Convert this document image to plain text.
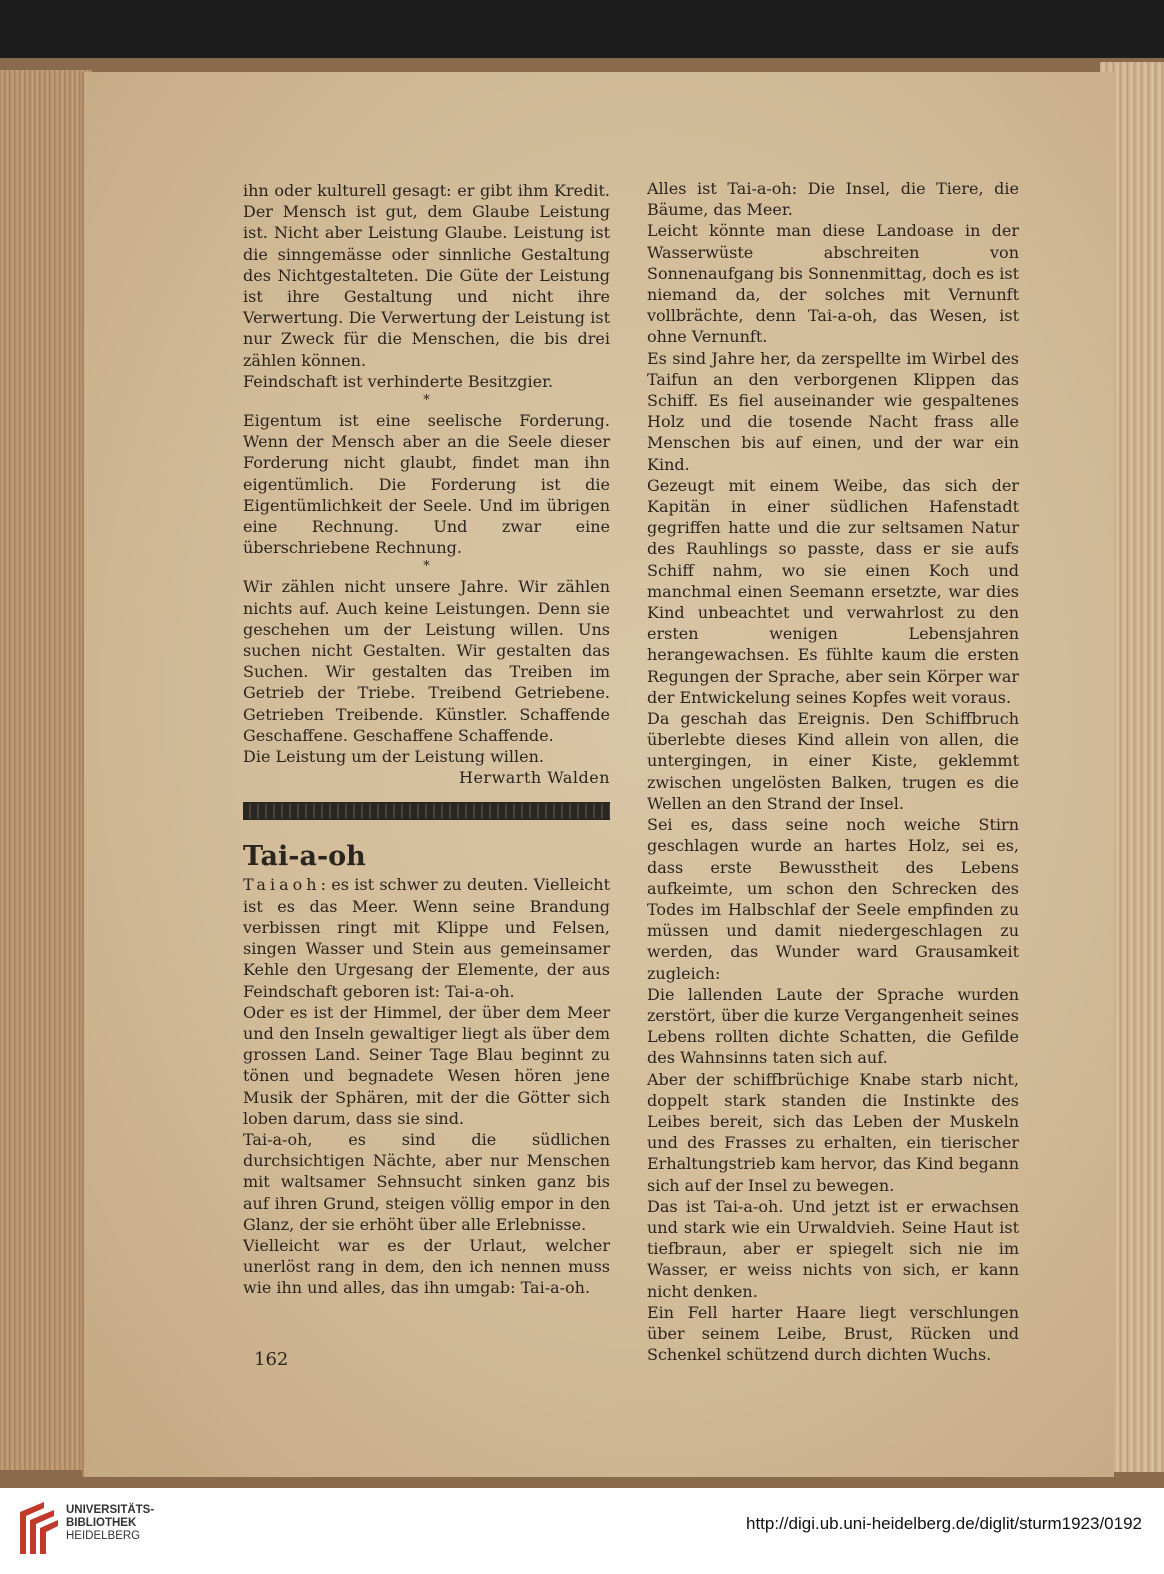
ihn oder kulturell gesagt: er gibt ihm Kredit. Der Mensch ist gut, dem Glaube Leistung ist. Nicht aber Leistung Glaube. Leistung ist die sinngemässe oder sinnliche Gestaltung des Nichtgestalteten. Die Güte der Leistung ist ihre Gestaltung und nicht ihre Verwertung. Die Verwertung der Leistung ist nur Zweck für die Menschen, die bis drei zählen können.

Feindschaft ist verhinderte Besitzgier.

*

Eigentum ist eine seelische Forderung. Wenn der Mensch aber an die Seele dieser Forderung nicht glaubt, findet man ihn eigentümlich. Die Forderung ist die Eigentümlichkeit der Seele. Und im übrigen eine Rechnung. Und zwar eine überschriebene Rechnung.

*

Wir zählen nicht unsere Jahre. Wir zählen nichts auf. Auch keine Leistungen. Denn sie geschehen um der Leistung willen. Uns suchen nicht Gestalten. Wir gestalten das Suchen. Wir gestalten das Treiben im Getrieb der Triebe. Treibend Getriebene. Getrieben Treibende. Künstler. Schaffende Geschaffene. Geschaffene Schaffende.

Die Leistung um der Leistung willen.

Herwarth Walden

Tai-a-oh

Taiaoh: es ist schwer zu deuten. Vielleicht ist es das Meer. Wenn seine Brandung verbissen ringt mit Klippe und Felsen, singen Wasser und Stein aus gemeinsamer Kehle den Urgesang der Elemente, der aus Feindschaft geboren ist: Tai-a-oh.

Oder es ist der Himmel, der über dem Meer und den Inseln gewaltiger liegt als über dem grossen Land. Seiner Tage Blau beginnt zu tönen und begnadete Wesen hören jene Musik der Sphären, mit der die Götter sich loben darum, dass sie sind.

Tai-a-oh, es sind die südlichen durchsichtigen Nächte, aber nur Menschen mit waltsamer Sehnsucht sinken ganz bis auf ihren Grund, steigen völlig empor in den Glanz, der sie erhöht über alle Erlebnisse.

Vielleicht war es der Urlaut, welcher unerlöst rang in dem, den ich nennen muss wie ihn und alles, das ihn umgab: Tai-a-oh.

Alles ist Tai-a-oh: Die Insel, die Tiere, die Bäume, das Meer.

Leicht könnte man diese Landoase in der Wasserwüste abschreiten von Sonnenaufgang bis Sonnenmittag, doch es ist niemand da, der solches mit Vernunft vollbrächte, denn Tai-a-oh, das Wesen, ist ohne Vernunft.

Es sind Jahre her, da zerspellte im Wirbel des Taifun an den verborgenen Klippen das Schiff. Es fiel auseinander wie gespaltenes Holz und die tosende Nacht frass alle Menschen bis auf einen, und der war ein Kind.

Gezeugt mit einem Weibe, das sich der Kapitän in einer südlichen Hafenstadt gegriffen hatte und die zur seltsamen Natur des Rauhlings so passte, dass er sie aufs Schiff nahm, wo sie einen Koch und manchmal einen Seemann ersetzte, war dies Kind unbeachtet und verwahrlost zu den ersten wenigen Lebensjahren herangewachsen. Es fühlte kaum die ersten Regungen der Sprache, aber sein Körper war der Entwickelung seines Kopfes weit voraus.

Da geschah das Ereignis. Den Schiffbruch überlebte dieses Kind allein von allen, die untergingen, in einer Kiste, geklemmt zwischen ungelösten Balken, trugen es die Wellen an den Strand der Insel.

Sei es, dass seine noch weiche Stirn geschlagen wurde an hartes Holz, sei es, dass erste Bewusstheit des Lebens aufkeimte, um schon den Schrecken des Todes im Halbschlaf der Seele empfinden zu müssen und damit niedergeschlagen zu werden, das Wunder ward Grausamkeit zugleich:

Die lallenden Laute der Sprache wurden zerstört, über die kurze Vergangenheit seines Lebens rollten dichte Schatten, die Gefilde des Wahnsinns taten sich auf.

Aber der schiffbrüchige Knabe starb nicht, doppelt stark standen die Instinkte des Leibes bereit, sich das Leben der Muskeln und des Frasses zu erhalten, ein tierischer Erhaltungstrieb kam hervor, das Kind begann sich auf der Insel zu bewegen.

Das ist Tai-a-oh. Und jetzt ist er erwachsen und stark wie ein Urwaldvieh. Seine Haut ist tiefbraun, aber er spiegelt sich nie im Wasser, er weiss nichts von sich, er kann nicht denken.

Ein Fell harter Haare liegt verschlungen über seinem Leibe, Brust, Rücken und Schenkel schützend durch dichten Wuchs.

162
UNIVERSITÄTS-
BIBLIOTHEK
HEIDELBERG
http://digi.ub.uni-heidelberg.de/diglit/sturm1923/0192
